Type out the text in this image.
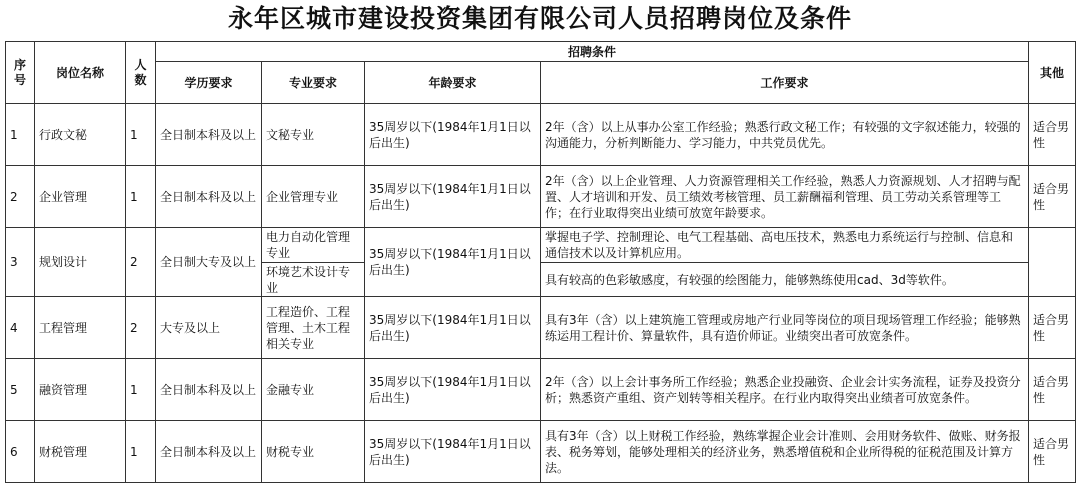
永年区城市建设投资集团有限公司人员招聘岗位及条件
序号	岗位名称	人数	招聘条件				其他
			学历要求	专业要求	年龄要求	工作要求	
1	行政文秘	1	全日制本科及以上	文秘专业	35周岁以下(1984年1月1日以后出生)	2年（含）以上从事办公室工作经验；熟悉行政文秘工作；有较强的文字叙述能力，较强的沟通能力，分析判断能力、学习能力，中共党员优先。	适合男性
2	企业管理	1	全日制本科及以上	企业管理专业	35周岁以下(1984年1月1日以后出生)	2年（含）以上企业管理、人力资源管理相关工作经验，熟悉人力资源规划、人才招聘与配置、人才培训和开发、员工绩效考核管理、员工薪酬福利管理、员工劳动关系管理等工作；在行业取得突出业绩可放宽年龄要求。	适合男性
3	规划设计	2	全日制大专及以上	电力自动化管理专业	35周岁以下(1984年1月1日以后出生)	掌握电子学、控制理论、电气工程基础、高电压技术，熟悉电力系统运行与控制、信息和通信技术以及计算机应用。	
				环境艺术设计专业		具有较高的色彩敏感度，有较强的绘图能力，能够熟练使用cad、3d等软件。	
4	工程管理	2	大专及以上	工程造价、工程管理、土木工程相关专业	35周岁以下(1984年1月1日以后出生)	具有3年（含）以上建筑施工管理或房地产行业同等岗位的项目现场管理工作经验；能够熟练运用工程计价、算量软件，具有造价师证。业绩突出者可放宽条件。	适合男性
5	融资管理	1	全日制本科及以上	金融专业	35周岁以下(1984年1月1日以后出生)	2年（含）以上会计事务所工作经验；熟悉企业投融资、企业会计实务流程，证券及投资分析；熟悉资产重组、资产划转等相关程序。在行业内取得突出业绩者可放宽条件。	适合男性
6	财税管理	1	全日制本科及以上	财税专业	35周岁以下(1984年1月1日以后出生)	具有3年（含）以上财税工作经验，熟练掌握企业会计准则、会用财务软件、做账、财务报表、税务筹划，能够处理相关的经济业务，熟悉增值税和企业所得税的征税范围及计算方法。	适合男性
